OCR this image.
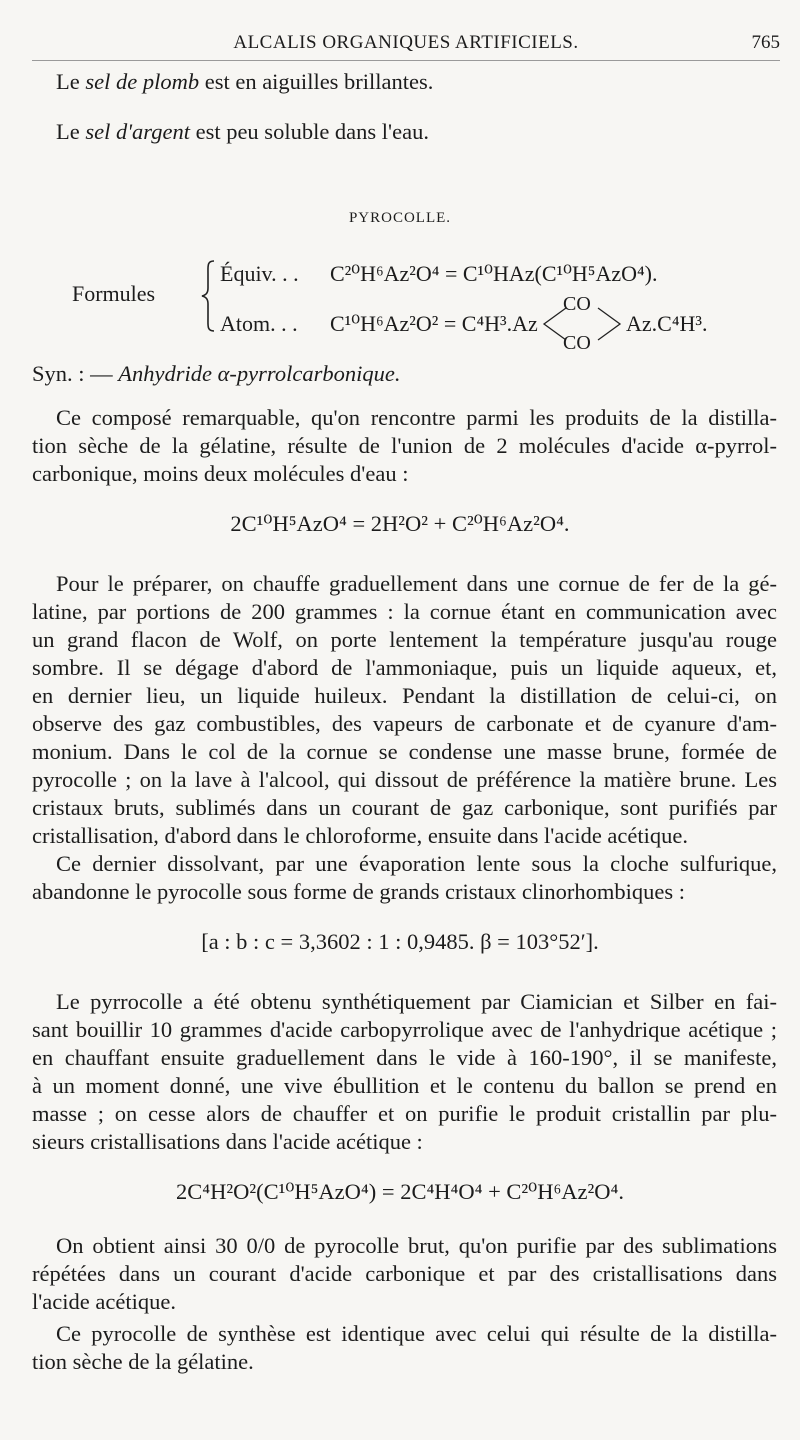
ALCALIS ORGANIQUES ARTIFICIELS.	765
Le sel de plomb est en aiguilles brillantes.
Le sel d'argent est peu soluble dans l'eau.
PYROCOLLE.
Formules
Équiv. . . C²⁰H⁶Az²O⁴ = C¹⁰HAz(C¹⁰H⁵AzO⁴).
Atom. . . C¹⁰H⁶Az²O² = C⁴H³.Az
CO
CO
Az.C⁴H³.
Syn. : — Anhydride α-pyrrolcarbonique.
Ce composé remarquable, qu'on rencontre parmi les produits de la distilla-
tion sèche de la gélatine, résulte de l'union de 2 molécules d'acide α-pyrrol-
carbonique, moins deux molécules d'eau :
2C¹⁰H⁵AzO⁴ = 2H²O² + C²⁰H⁶Az²O⁴.
Pour le préparer, on chauffe graduellement dans une cornue de fer de la gé-
latine, par portions de 200 grammes : la cornue étant en communication avec
un grand flacon de Wolf, on porte lentement la température jusqu'au rouge
sombre. Il se dégage d'abord de l'ammoniaque, puis un liquide aqueux, et,
en dernier lieu, un liquide huileux. Pendant la distillation de celui-ci, on
observe des gaz combustibles, des vapeurs de carbonate et de cyanure d'am-
monium. Dans le col de la cornue se condense une masse brune, formée de
pyrocolle ; on la lave à l'alcool, qui dissout de préférence la matière brune. Les
cristaux bruts, sublimés dans un courant de gaz carbonique, sont purifiés par
cristallisation, d'abord dans le chloroforme, ensuite dans l'acide acétique.
Ce dernier dissolvant, par une évaporation lente sous la cloche sulfurique,
abandonne le pyrocolle sous forme de grands cristaux clinorhombiques :
[a : b : c = 3,3602 : 1 : 0,9485. β = 103°52′].
Le pyrrocolle a été obtenu synthétiquement par Ciamician et Silber en fai-
sant bouillir 10 grammes d'acide carbopyrrolique avec de l'anhydrique acétique ;
en chauffant ensuite graduellement dans le vide à 160-190°, il se manifeste,
à un moment donné, une vive ébullition et le contenu du ballon se prend en
masse ; on cesse alors de chauffer et on purifie le produit cristallin par plu-
sieurs cristallisations dans l'acide acétique :
2C⁴H²O²(C¹⁰H⁵AzO⁴) = 2C⁴H⁴O⁴ + C²⁰H⁶Az²O⁴.
On obtient ainsi 30 0/0 de pyrocolle brut, qu'on purifie par des sublimations
répétées dans un courant d'acide carbonique et par des cristallisations dans
l'acide acétique.
Ce pyrocolle de synthèse est identique avec celui qui résulte de la distilla-
tion sèche de la gélatine.
